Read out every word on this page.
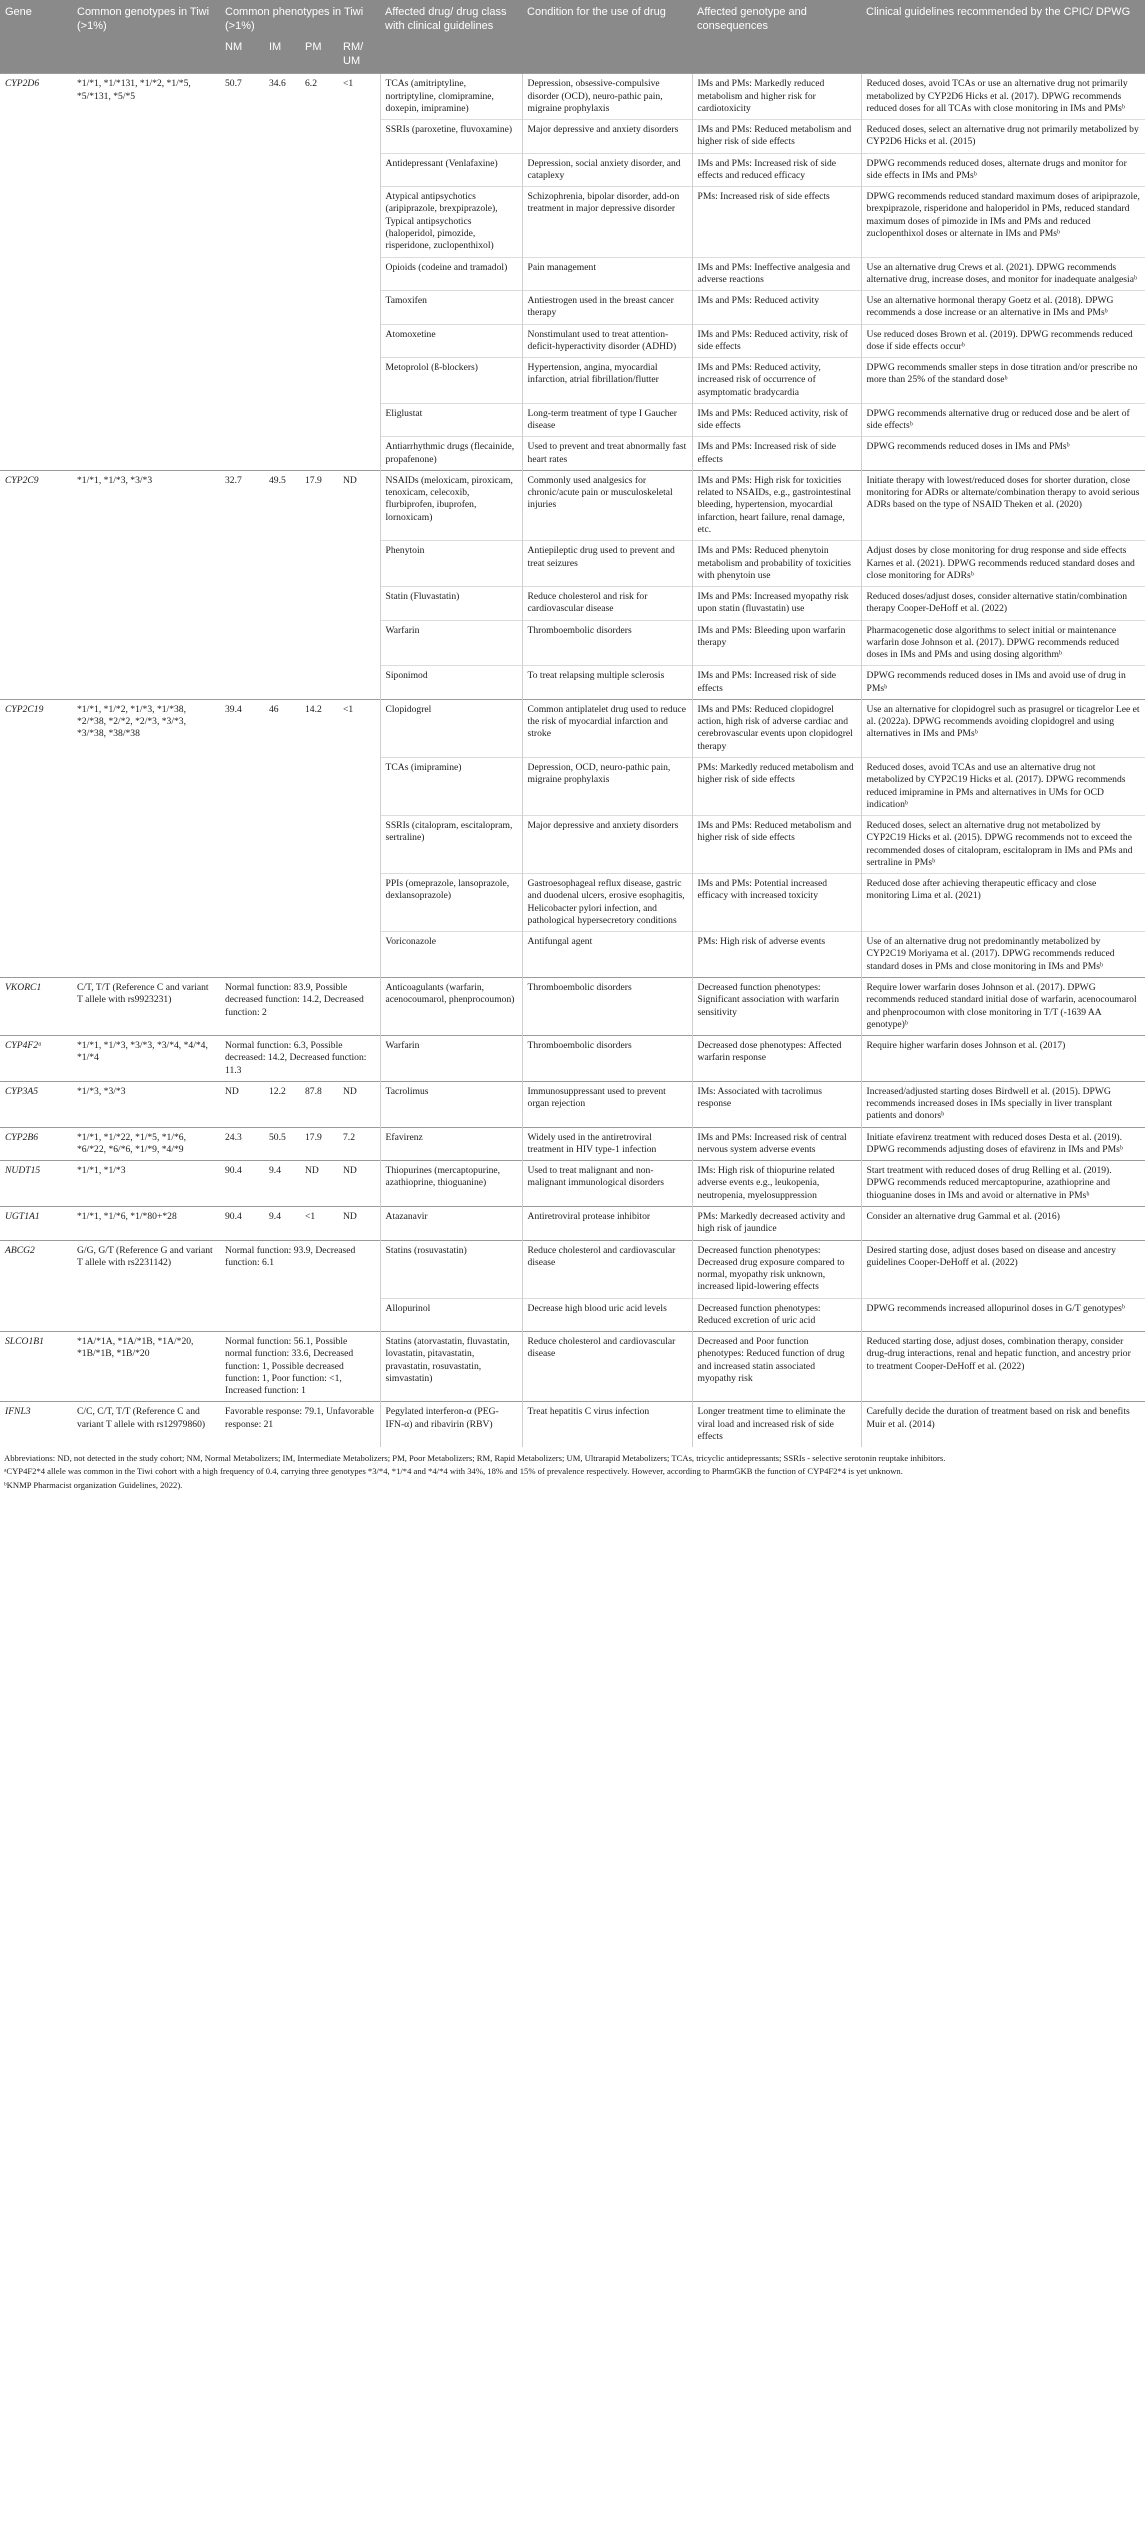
Gene	Common genotypes in Tiwi (>1%)	Common phenotypes in Tiwi (>1%)				Affected drug/ drug class with clinical guidelines	Condition for the use of drug	Affected genotype and consequences	Clinical guidelines recommended by the CPIC/ DPWG
		NM	IM	PM	RM/ UM				
CYP2D6	*1/*1, *1/*131, *1/*2, *1/*5, *5/*131, *5/*5	50.7	34.6	6.2	<1	TCAs (amitriptyline, nortriptyline, clomipramine, doxepin, imipramine)	Depression, obsessive-compulsive disorder (OCD), neuro-pathic pain, migraine prophylaxis	IMs and PMs: Markedly reduced metabolism and higher risk for cardiotoxicity	Reduced doses, avoid TCAs or use an alternative drug not primarily metabolized by CYP2D6 Hicks et al. (2017). DPWG recommends reduced doses for all TCAs with close monitoring in IMs and PMsᵇ
						SSRIs (paroxetine, fluvoxamine)	Major depressive and anxiety disorders	IMs and PMs: Reduced metabolism and higher risk of side effects	Reduced doses, select an alternative drug not primarily metabolized by CYP2D6 Hicks et al. (2015)
						Antidepressant (Venlafaxine)	Depression, social anxiety disorder, and cataplexy	IMs and PMs: Increased risk of side effects and reduced efficacy	DPWG recommends reduced doses, alternate drugs and monitor for side effects in IMs and PMsᵇ
						Atypical antipsychotics (aripiprazole, brexpiprazole), Typical antipsychotics (haloperidol, pimozide, risperidone, zuclopenthixol)	Schizophrenia, bipolar disorder, add-on treatment in major depressive disorder	PMs: Increased risk of side effects	DPWG recommends reduced standard maximum doses of aripiprazole, brexpiprazole, risperidone and haloperidol in PMs, reduced standard maximum doses of pimozide in IMs and PMs and reduced zuclopenthixol doses or alternate in IMs and PMsᵇ
						Opioids (codeine and tramadol)	Pain management	IMs and PMs: Ineffective analgesia and adverse reactions	Use an alternative drug Crews et al. (2021). DPWG recommends alternative drug, increase doses, and monitor for inadequate analgesiaᵇ
						Tamoxifen	Antiestrogen used in the breast cancer therapy	IMs and PMs: Reduced activity	Use an alternative hormonal therapy Goetz et al. (2018). DPWG recommends a dose increase or an alternative in IMs and PMsᵇ
						Atomoxetine	Nonstimulant used to treat attention-deficit-hyperactivity disorder (ADHD)	IMs and PMs: Reduced activity, risk of side effects	Use reduced doses Brown et al. (2019). DPWG recommends reduced dose if side effects occurᵇ
						Metoprolol (ß-blockers)	Hypertension, angina, myocardial infarction, atrial fibrillation/flutter	IMs and PMs: Reduced activity, increased risk of occurrence of asymptomatic bradycardia	DPWG recommends smaller steps in dose titration and/or prescribe no more than 25% of the standard doseᵇ
						Eliglustat	Long-term treatment of type I Gaucher disease	IMs and PMs: Reduced activity, risk of side effects	DPWG recommends alternative drug or reduced dose and be alert of side effectsᵇ
						Antiarrhythmic drugs (flecainide, propafenone)	Used to prevent and treat abnormally fast heart rates	IMs and PMs: Increased risk of side effects	DPWG recommends reduced doses in IMs and PMsᵇ
CYP2C9	*1/*1, *1/*3, *3/*3	32.7	49.5	17.9	ND	NSAIDs (meloxicam, piroxicam, tenoxicam, celecoxib, flurbiprofen, ibuprofen, lornoxicam)	Commonly used analgesics for chronic/acute pain or musculoskeletal injuries	IMs and PMs: High risk for toxicities related to NSAIDs, e.g., gastrointestinal bleeding, hypertension, myocardial infarction, heart failure, renal damage, etc.	Initiate therapy with lowest/reduced doses for shorter duration, close monitoring for ADRs or alternate/combination therapy to avoid serious ADRs based on the type of NSAID Theken et al. (2020)
						Phenytoin	Antiepileptic drug used to prevent and treat seizures	IMs and PMs: Reduced phenytoin metabolism and probability of toxicities with phenytoin use	Adjust doses by close monitoring for drug response and side effects Karnes et al. (2021). DPWG recommends reduced standard doses and close monitoring for ADRsᵇ
						Statin (Fluvastatin)	Reduce cholesterol and risk for cardiovascular disease	IMs and PMs: Increased myopathy risk upon statin (fluvastatin) use	Reduced doses/adjust doses, consider alternative statin/combination therapy Cooper-DeHoff et al. (2022)
						Warfarin	Thromboembolic disorders	IMs and PMs: Bleeding upon warfarin therapy	Pharmacogenetic dose algorithms to select initial or maintenance warfarin dose Johnson et al. (2017). DPWG recommends reduced doses in IMs and PMs and using dosing algorithmᵇ
						Siponimod	To treat relapsing multiple sclerosis	IMs and PMs: Increased risk of side effects	DPWG recommends reduced doses in IMs and avoid use of drug in PMsᵇ
CYP2C19	*1/*1, *1/*2, *1/*3, *1/*38, *2/*38, *2/*2, *2/*3, *3/*3, *3/*38, *38/*38	39.4	46	14.2	<1	Clopidogrel	Common antiplatelet drug used to reduce the risk of myocardial infarction and stroke	IMs and PMs: Reduced clopidogrel action, high risk of adverse cardiac and cerebrovascular events upon clopidogrel therapy	Use an alternative for clopidogrel such as prasugrel or ticagrelor Lee et al. (2022a). DPWG recommends avoiding clopidogrel and using alternatives in IMs and PMsᵇ
						TCAs (imipramine)	Depression, OCD, neuro-pathic pain, migraine prophylaxis	PMs: Markedly reduced metabolism and higher risk of side effects	Reduced doses, avoid TCAs and use an alternative drug not metabolized by CYP2C19 Hicks et al. (2017). DPWG recommends reduced imipramine in PMs and alternatives in UMs for OCD indicationᵇ
						SSRIs (citalopram, escitalopram, sertraline)	Major depressive and anxiety disorders	IMs and PMs: Reduced metabolism and higher risk of side effects	Reduced doses, select an alternative drug not metabolized by CYP2C19 Hicks et al. (2015). DPWG recommends not to exceed the recommended doses of citalopram, escitalopram in IMs and PMs and sertraline in PMsᵇ
						PPIs (omeprazole, lansoprazole, dexlansoprazole)	Gastroesophageal reflux disease, gastric and duodenal ulcers, erosive esophagitis, Helicobacter pylori infection, and pathological hypersecretory conditions	IMs and PMs: Potential increased efficacy with increased toxicity	Reduced dose after achieving therapeutic efficacy and close monitoring Lima et al. (2021)
						Voriconazole	Antifungal agent	PMs: High risk of adverse events	Use of an alternative drug not predominantly metabolized by CYP2C19 Moriyama et al. (2017). DPWG recommends reduced standard doses in PMs and close monitoring in IMs and PMsᵇ
VKORC1	C/T, T/T (Reference C and variant T allele with rs9923231)	Normal function: 83.9, Possible decreased function: 14.2, Decreased function: 2				Anticoagulants (warfarin, acenocoumarol, phenprocoumon)	Thromboembolic disorders	Decreased function phenotypes: Significant association with warfarin sensitivity	Require lower warfarin doses Johnson et al. (2017). DPWG recommends reduced standard initial dose of warfarin, acenocoumarol and phenprocoumon with close monitoring in T/T (-1639 AA genotype)ᵇ
CYP4F2ᵃ	*1/*1, *1/*3, *3/*3, *3/*4, *4/*4, *1/*4	Normal function: 6.3, Possible decreased: 14.2, Decreased function: 11.3				Warfarin	Thromboembolic disorders	Decreased dose phenotypes: Affected warfarin response	Require higher warfarin doses Johnson et al. (2017)
CYP3A5	*1/*3, *3/*3	ND	12.2	87.8	ND	Tacrolimus	Immunosuppressant used to prevent organ rejection	IMs: Associated with tacrolimus response	Increased/adjusted starting doses Birdwell et al. (2015). DPWG recommends increased doses in IMs specially in liver transplant patients and donorsᵇ
CYP2B6	*1/*1, *1/*22, *1/*5, *1/*6, *6/*22, *6/*6, *1/*9, *4/*9	24.3	50.5	17.9	7.2	Efavirenz	Widely used in the antiretroviral treatment in HIV type-1 infection	IMs and PMs: Increased risk of central nervous system adverse events	Initiate efavirenz treatment with reduced doses Desta et al. (2019). DPWG recommends adjusting doses of efavirenz in IMs and PMsᵇ
NUDT15	*1/*1, *1/*3	90.4	9.4	ND	ND	Thiopurines (mercaptopurine, azathioprine, thioguanine)	Used to treat malignant and non-malignant immunological disorders	IMs: High risk of thiopurine related adverse events e.g., leukopenia, neutropenia, myelosuppression	Start treatment with reduced doses of drug Relling et al. (2019). DPWG recommends reduced mercaptopurine, azathioprine and thioguanine doses in IMs and avoid or alternative in PMsᵇ
UGT1A1	*1/*1, *1/*6, *1/*80+*28	90.4	9.4	<1	ND	Atazanavir	Antiretroviral protease inhibitor	PMs: Markedly decreased activity and high risk of jaundice	Consider an alternative drug Gammal et al. (2016)
ABCG2	G/G, G/T (Reference G and variant T allele with rs2231142)	Normal function: 93.9, Decreased function: 6.1				Statins (rosuvastatin)	Reduce cholesterol and cardiovascular disease	Decreased function phenotypes: Decreased drug exposure compared to normal, myopathy risk unknown, increased lipid-lowering effects	Desired starting dose, adjust doses based on disease and ancestry guidelines Cooper-DeHoff et al. (2022)
						Allopurinol	Decrease high blood uric acid levels	Decreased function phenotypes: Reduced excretion of uric acid	DPWG recommends increased allopurinol doses in G/T genotypesᵇ
SLCO1B1	*1A/*1A, *1A/*1B, *1A/*20, *1B/*1B, *1B/*20	Normal function: 56.1, Possible normal function: 33.6, Decreased function: 1, Possible decreased function: 1, Poor function: <1, Increased function: 1				Statins (atorvastatin, fluvastatin, lovastatin, pitavastatin, pravastatin, rosuvastatin, simvastatin)	Reduce cholesterol and cardiovascular disease	Decreased and Poor function phenotypes: Reduced function of drug and increased statin associated myopathy risk	Reduced starting dose, adjust doses, combination therapy, consider drug-drug interactions, renal and hepatic function, and ancestry prior to treatment Cooper-DeHoff et al. (2022)
IFNL3	C/C, C/T, T/T (Reference C and variant T allele with rs12979860)	Favorable response: 79.1, Unfavorable response: 21				Pegylated interferon-α (PEG-IFN-α) and ribavirin (RBV)	Treat hepatitis C virus infection	Longer treatment time to eliminate the viral load and increased risk of side effects	Carefully decide the duration of treatment based on risk and benefits Muir et al. (2014)

Abbreviations: ND, not detected in the study cohort; NM, Normal Metabolizers; IM, Intermediate Metabolizers; PM, Poor Metabolizers; RM, Rapid Metabolizers; UM, Ultrarapid Metabolizers; TCAs, tricyclic antidepressants; SSRIs - selective serotonin reuptake inhibitors.

ᵃCYP4F2*4 allele was common in the Tiwi cohort with a high frequency of 0.4, carrying three genotypes *3/*4, *1/*4 and *4/*4 with 34%, 18% and 15% of prevalence respectively. However, according to PharmGKB the function of CYP4F2*4 is yet unknown.

ᵇKNMP Pharmacist organization Guidelines, 2022).
